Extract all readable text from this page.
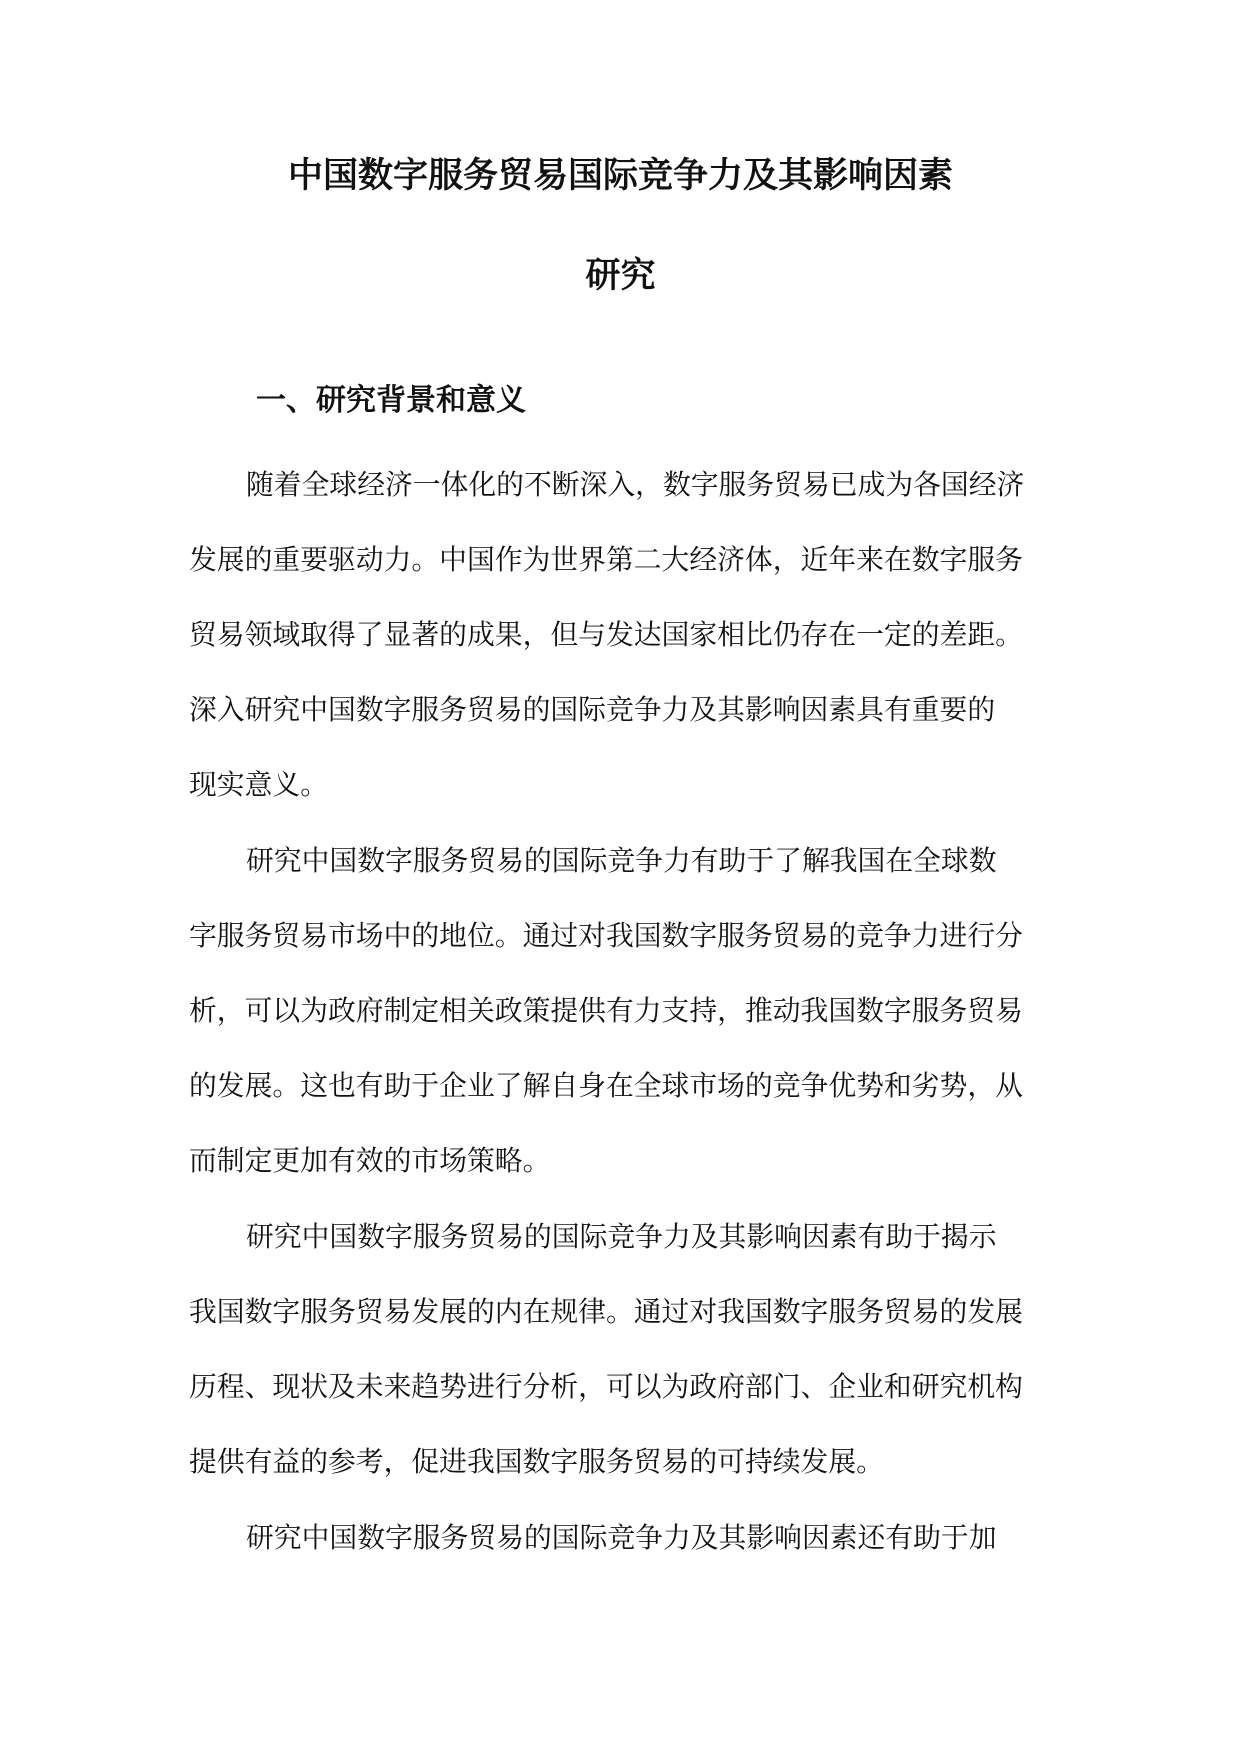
中国数字服务贸易国际竞争力及其影响因素
研究
一、研究背景和意义
随着全球经济一体化的不断深入，数字服务贸易已成为各国经济
发展的重要驱动力。中国作为世界第二大经济体，近年来在数字服务
贸易领域取得了显著的成果，但与发达国家相比仍存在一定的差距。
深入研究中国数字服务贸易的国际竞争力及其影响因素具有重要的
现实意义。
研究中国数字服务贸易的国际竞争力有助于了解我国在全球数
字服务贸易市场中的地位。通过对我国数字服务贸易的竞争力进行分
析，可以为政府制定相关政策提供有力支持，推动我国数字服务贸易
的发展。这也有助于企业了解自身在全球市场的竞争优势和劣势，从
而制定更加有效的市场策略。
研究中国数字服务贸易的国际竞争力及其影响因素有助于揭示
我国数字服务贸易发展的内在规律。通过对我国数字服务贸易的发展
历程、现状及未来趋势进行分析，可以为政府部门、企业和研究机构
提供有益的参考，促进我国数字服务贸易的可持续发展。
研究中国数字服务贸易的国际竞争力及其影响因素还有助于加
